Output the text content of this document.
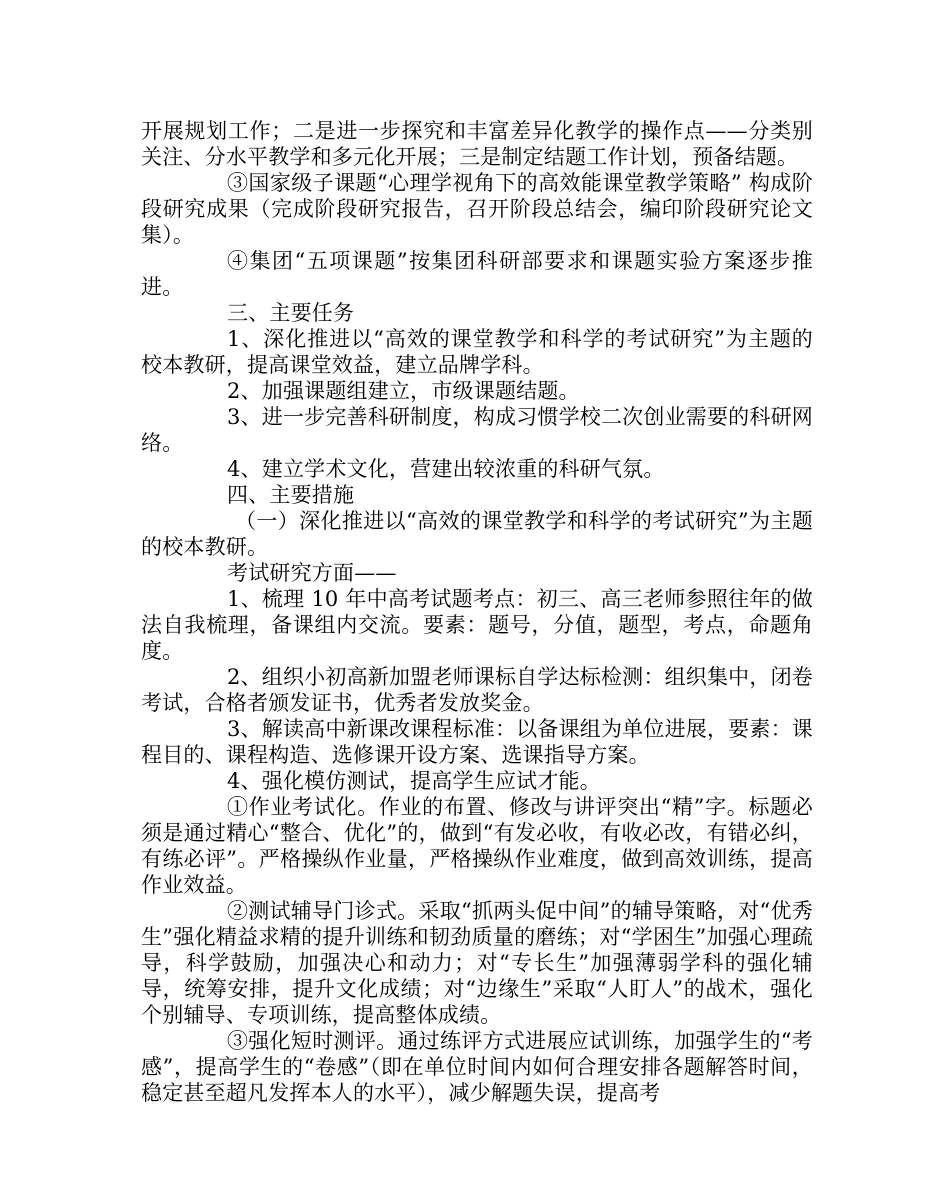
开展规划工作；二是进一步探究和丰富差异化教学的操作点——分类别关注、分水平教学和多元化开展；三是制定结题工作计划，预备结题。

③国家级子课题“心理学视角下的高效能课堂教学策略” 构成阶段研究成果（完成阶段研究报告，召开阶段总结会，编印阶段研究论文集）。

④集团“五项课题”按集团科研部要求和课题实验方案逐步推进。

三、主要任务

1、深化推进以“高效的课堂教学和科学的考试研究”为主题的校本教研，提高课堂效益，建立品牌学科。

2、加强课题组建立，市级课题结题。

3、进一步完善科研制度，构成习惯学校二次创业需要的科研网络。

4、建立学术文化，营建出较浓重的科研气氛。

四、主要措施

（一）深化推进以“高效的课堂教学和科学的考试研究”为主题的校本教研。

考试研究方面——

1、梳理 10 年中高考试题考点：初三、高三老师参照往年的做法自我梳理，备课组内交流。要素：题号，分值，题型，考点，命题角度。

2、组织小初高新加盟老师课标自学达标检测：组织集中，闭卷考试，合格者颁发证书，优秀者发放奖金。

3、解读高中新课改课程标准：以备课组为单位进展，要素：课程目的、课程构造、选修课开设方案、选课指导方案。

4、强化模仿测试，提高学生应试才能。

①作业考试化。作业的布置、修改与讲评突出“精”字。标题必须是通过精心“整合、优化”的，做到“有发必收，有收必改，有错必纠，有练必评”。严格操纵作业量，严格操纵作业难度，做到高效训练，提高作业效益。

②测试辅导门诊式。采取“抓两头促中间”的辅导策略，对“优秀生”强化精益求精的提升训练和韧劲质量的磨练；对“学困生”加强心理疏导，科学鼓励，加强决心和动力；对“专长生”加强薄弱学科的强化辅导，统筹安排，提升文化成绩；对“边缘生”采取“人盯人”的战术，强化个别辅导、专项训练，提高整体成绩。

③强化短时测评。通过练评方式进展应试训练，加强学生的“考感”，提高学生的“卷感”（即在单位时间内如何合理安排各题解答时间，稳定甚至超凡发挥本人的水平），减少解题失误，提高考
